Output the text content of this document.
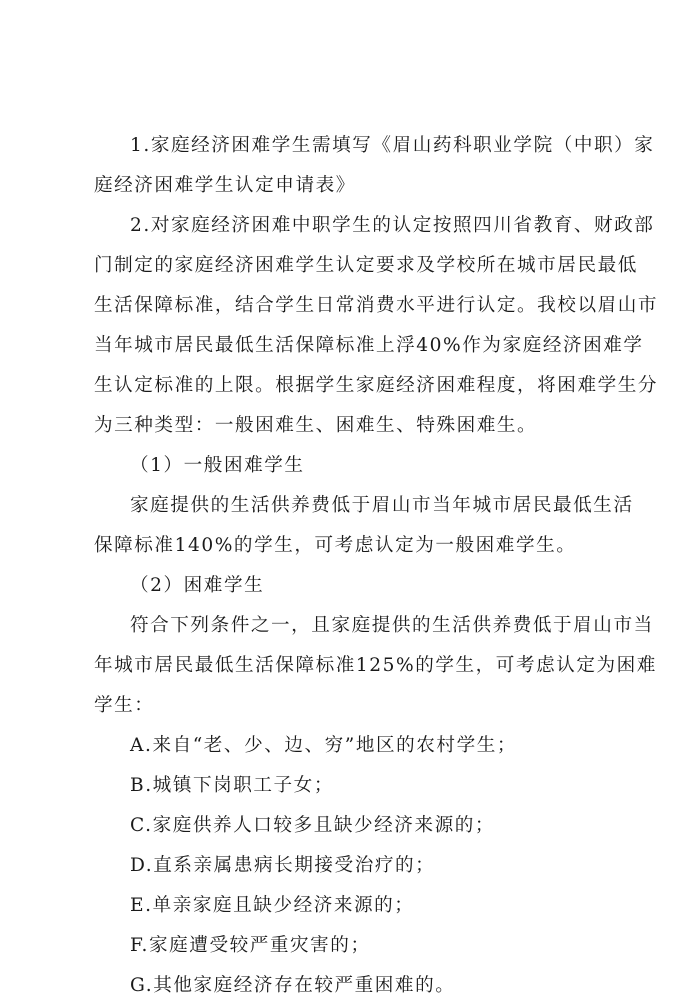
1.家庭经济困难学生需填写《眉山药科职业学院（中职）家

庭经济困难学生认定申请表》

2.对家庭经济困难中职学生的认定按照四川省教育、财政部

门制定的家庭经济困难学生认定要求及学校所在城市居民最低

生活保障标准，结合学生日常消费水平进行认定。我校以眉山市

当年城市居民最低生活保障标准上浮40%作为家庭经济困难学

生认定标准的上限。根据学生家庭经济困难程度，将困难学生分

为三种类型：一般困难生、困难生、特殊困难生。

（1）一般困难学生

家庭提供的生活供养费低于眉山市当年城市居民最低生活

保障标准140%的学生，可考虑认定为一般困难学生。

（2）困难学生

符合下列条件之一，且家庭提供的生活供养费低于眉山市当

年城市居民最低生活保障标准125%的学生，可考虑认定为困难

学生：

A.来自“老、少、边、穷”地区的农村学生；

B.城镇下岗职工子女；

C.家庭供养人口较多且缺少经济来源的；

D.直系亲属患病长期接受治疗的；

E.单亲家庭且缺少经济来源的；

F.家庭遭受较严重灾害的；

G.其他家庭经济存在较严重困难的。
